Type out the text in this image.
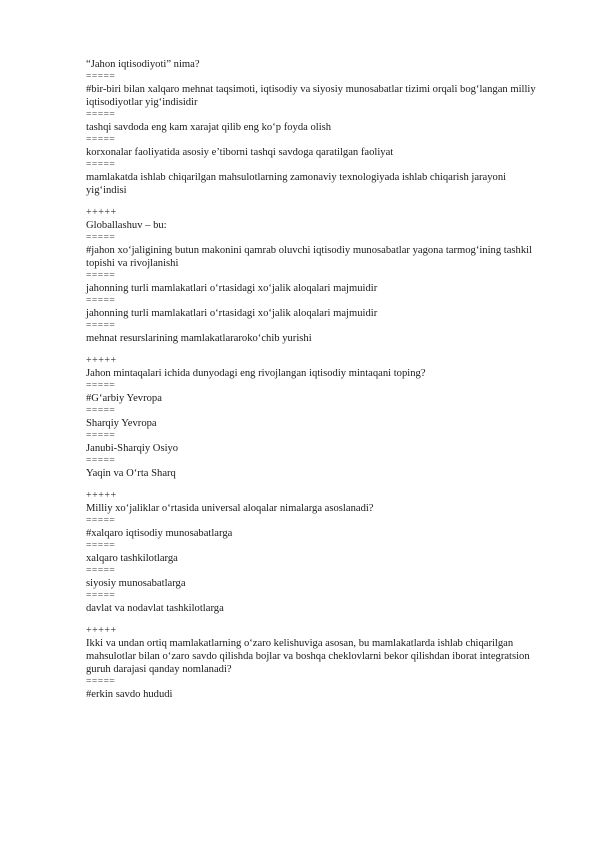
“Jahon iqtisodiyoti” nima?

=====

#bir-biri bilan xalqaro mehnat taqsimoti, iqtisodiy va siyosiy munosabatlar tizimi orqali bog‘langan milliy iqtisodiyotlar yig‘indisidir

=====

tashqi savdoda eng kam xarajat qilib eng ko‘p foyda olish

=====

korxonalar faoliyatida asosiy e’tiborni tashqi savdoga qaratilgan faoliyat

=====

mamlakatda ishlab chiqarilgan mahsulotlarning zamonaviy texnologiyada ishlab chiqarish jarayoni yig‘indisi

+++++

Globallashuv – bu:

=====

#jahon xo‘jaligining butun makonini qamrab oluvchi iqtisodiy munosabatlar yagona tarmog‘ining tashkil topishi va rivojlanishi

=====

jahonning turli mamlakatlari o‘rtasidagi xo‘jalik aloqalari majmuidir

=====

jahonning turli mamlakatlari o‘rtasidagi xo‘jalik aloqalari majmuidir

=====

mehnat resurslarining mamlakatlararoko‘chib yurishi

+++++

Jahon mintaqalari ichida dunyodagi eng rivojlangan iqtisodiy mintaqani toping?

=====

#G‘arbiy Yevropa

=====

Sharqiy Yevropa

=====

Janubi-Sharqiy Osiyo

=====

Yaqin va O‘rta Sharq

+++++

Milliy xo‘jaliklar o‘rtasida universal aloqalar nimalarga asoslanadi?

=====

#xalqaro iqtisodiy munosabatlarga

=====

xalqaro tashkilotlarga

=====

siyosiy munosabatlarga

=====

davlat va nodavlat tashkilotlarga

+++++

Ikki va undan ortiq mamlakatlarning o‘zaro kelishuviga asosan, bu mamlakatlarda ishlab chiqarilgan mahsulotlar bilan o‘zaro savdo qilishda bojlar va boshqa cheklovlarni bekor qilishdan iborat integratsion guruh darajasi qanday nomlanadi?

=====

#erkin savdo hududi
